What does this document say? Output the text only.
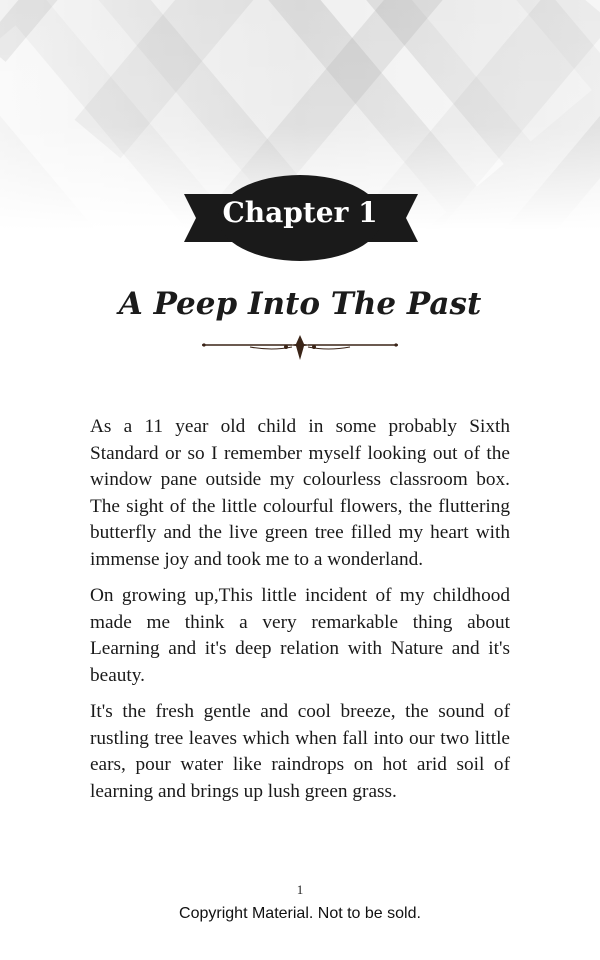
Chapter 1
A Peep Into The Past

As a 11 year old child in some probably Sixth Standard or so I remember myself looking out of the window pane outside my colourless classroom box. The sight of the little colourful flowers, the fluttering butterfly and the live green tree filled my heart with immense joy and took me to a wonderland.

On growing up,This little incident of my childhood made me think a very remarkable thing about Learning and it's deep relation with Nature and it's beauty.

It's the fresh gentle and cool breeze, the sound of rustling tree leaves which when fall into our two little ears, pour water like raindrops on hot arid soil of learning and brings up lush green grass.

1
Copyright Material. Not to be sold.
